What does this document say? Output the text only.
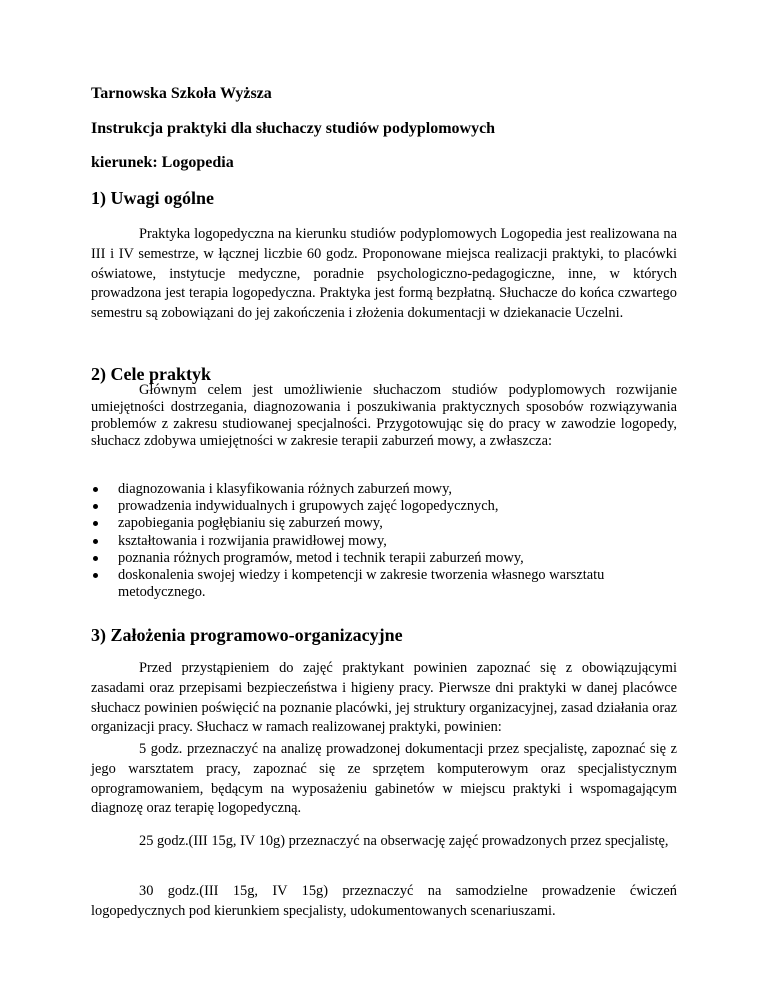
Tarnowska Szkoła Wyższa
Instrukcja praktyki dla słuchaczy studiów podyplomowych
kierunek: Logopedia
1) Uwagi ogólne

Praktyka logopedyczna na kierunku studiów podyplomowych Logopedia jest realizowana na III i IV semestrze, w łącznej liczbie 60 godz. Proponowane miejsca realizacji praktyki, to placówki oświatowe, instytucje medyczne, poradnie psychologiczno-pedagogiczne, inne, w których prowadzona jest terapia logopedyczna. Praktyka jest formą bezpłatną. Słuchacze do końca czwartego semestru są zobowiązani do jej zakończenia i złożenia dokumentacji w dziekanacie Uczelni.

2) Cele praktyk

Głównym celem jest umożliwienie słuchaczom studiów podyplomowych rozwijanie umiejętności dostrzegania, diagnozowania i poszukiwania praktycznych sposobów rozwiązywania problemów z zakresu studiowanej specjalności. Przygotowując się do pracy w zawodzie logopedy, słuchacz zdobywa umiejętności w zakresie terapii zaburzeń mowy, a zwłaszcza:

diagnozowania i klasyfikowania różnych zaburzeń mowy,
prowadzenia indywidualnych i grupowych zajęć logopedycznych,
zapobiegania pogłębianiu się zaburzeń mowy,
kształtowania i rozwijania prawidłowej mowy,
poznania różnych programów, metod i technik terapii zaburzeń mowy,
doskonalenia swojej wiedzy i kompetencji w zakresie tworzenia własnego warsztatu metodycznego.
3) Założenia programowo-organizacyjne

Przed przystąpieniem do zajęć praktykant powinien zapoznać się z obowiązującymi zasadami oraz przepisami bezpieczeństwa i higieny pracy. Pierwsze dni praktyki w danej placówce słuchacz powinien poświęcić na poznanie placówki, jej struktury organizacyjnej, zasad działania oraz organizacji pracy. Słuchacz w ramach realizowanej praktyki, powinien:

5 godz. przeznaczyć na analizę prowadzonej dokumentacji przez specjalistę, zapoznać się z jego warsztatem pracy, zapoznać się ze sprzętem komputerowym oraz specjalistycznym oprogramowaniem, będącym na wyposażeniu gabinetów w miejscu praktyki i wspomagającym diagnozę oraz terapię logopedyczną.

25 godz.(III 15g, IV 10g) przeznaczyć na obserwację zajęć prowadzonych przez specjalistę,

30 godz.(III 15g, IV 15g) przeznaczyć na samodzielne prowadzenie ćwiczeń logopedycznych pod kierunkiem specjalisty, udokumentowanych scenariuszami.
